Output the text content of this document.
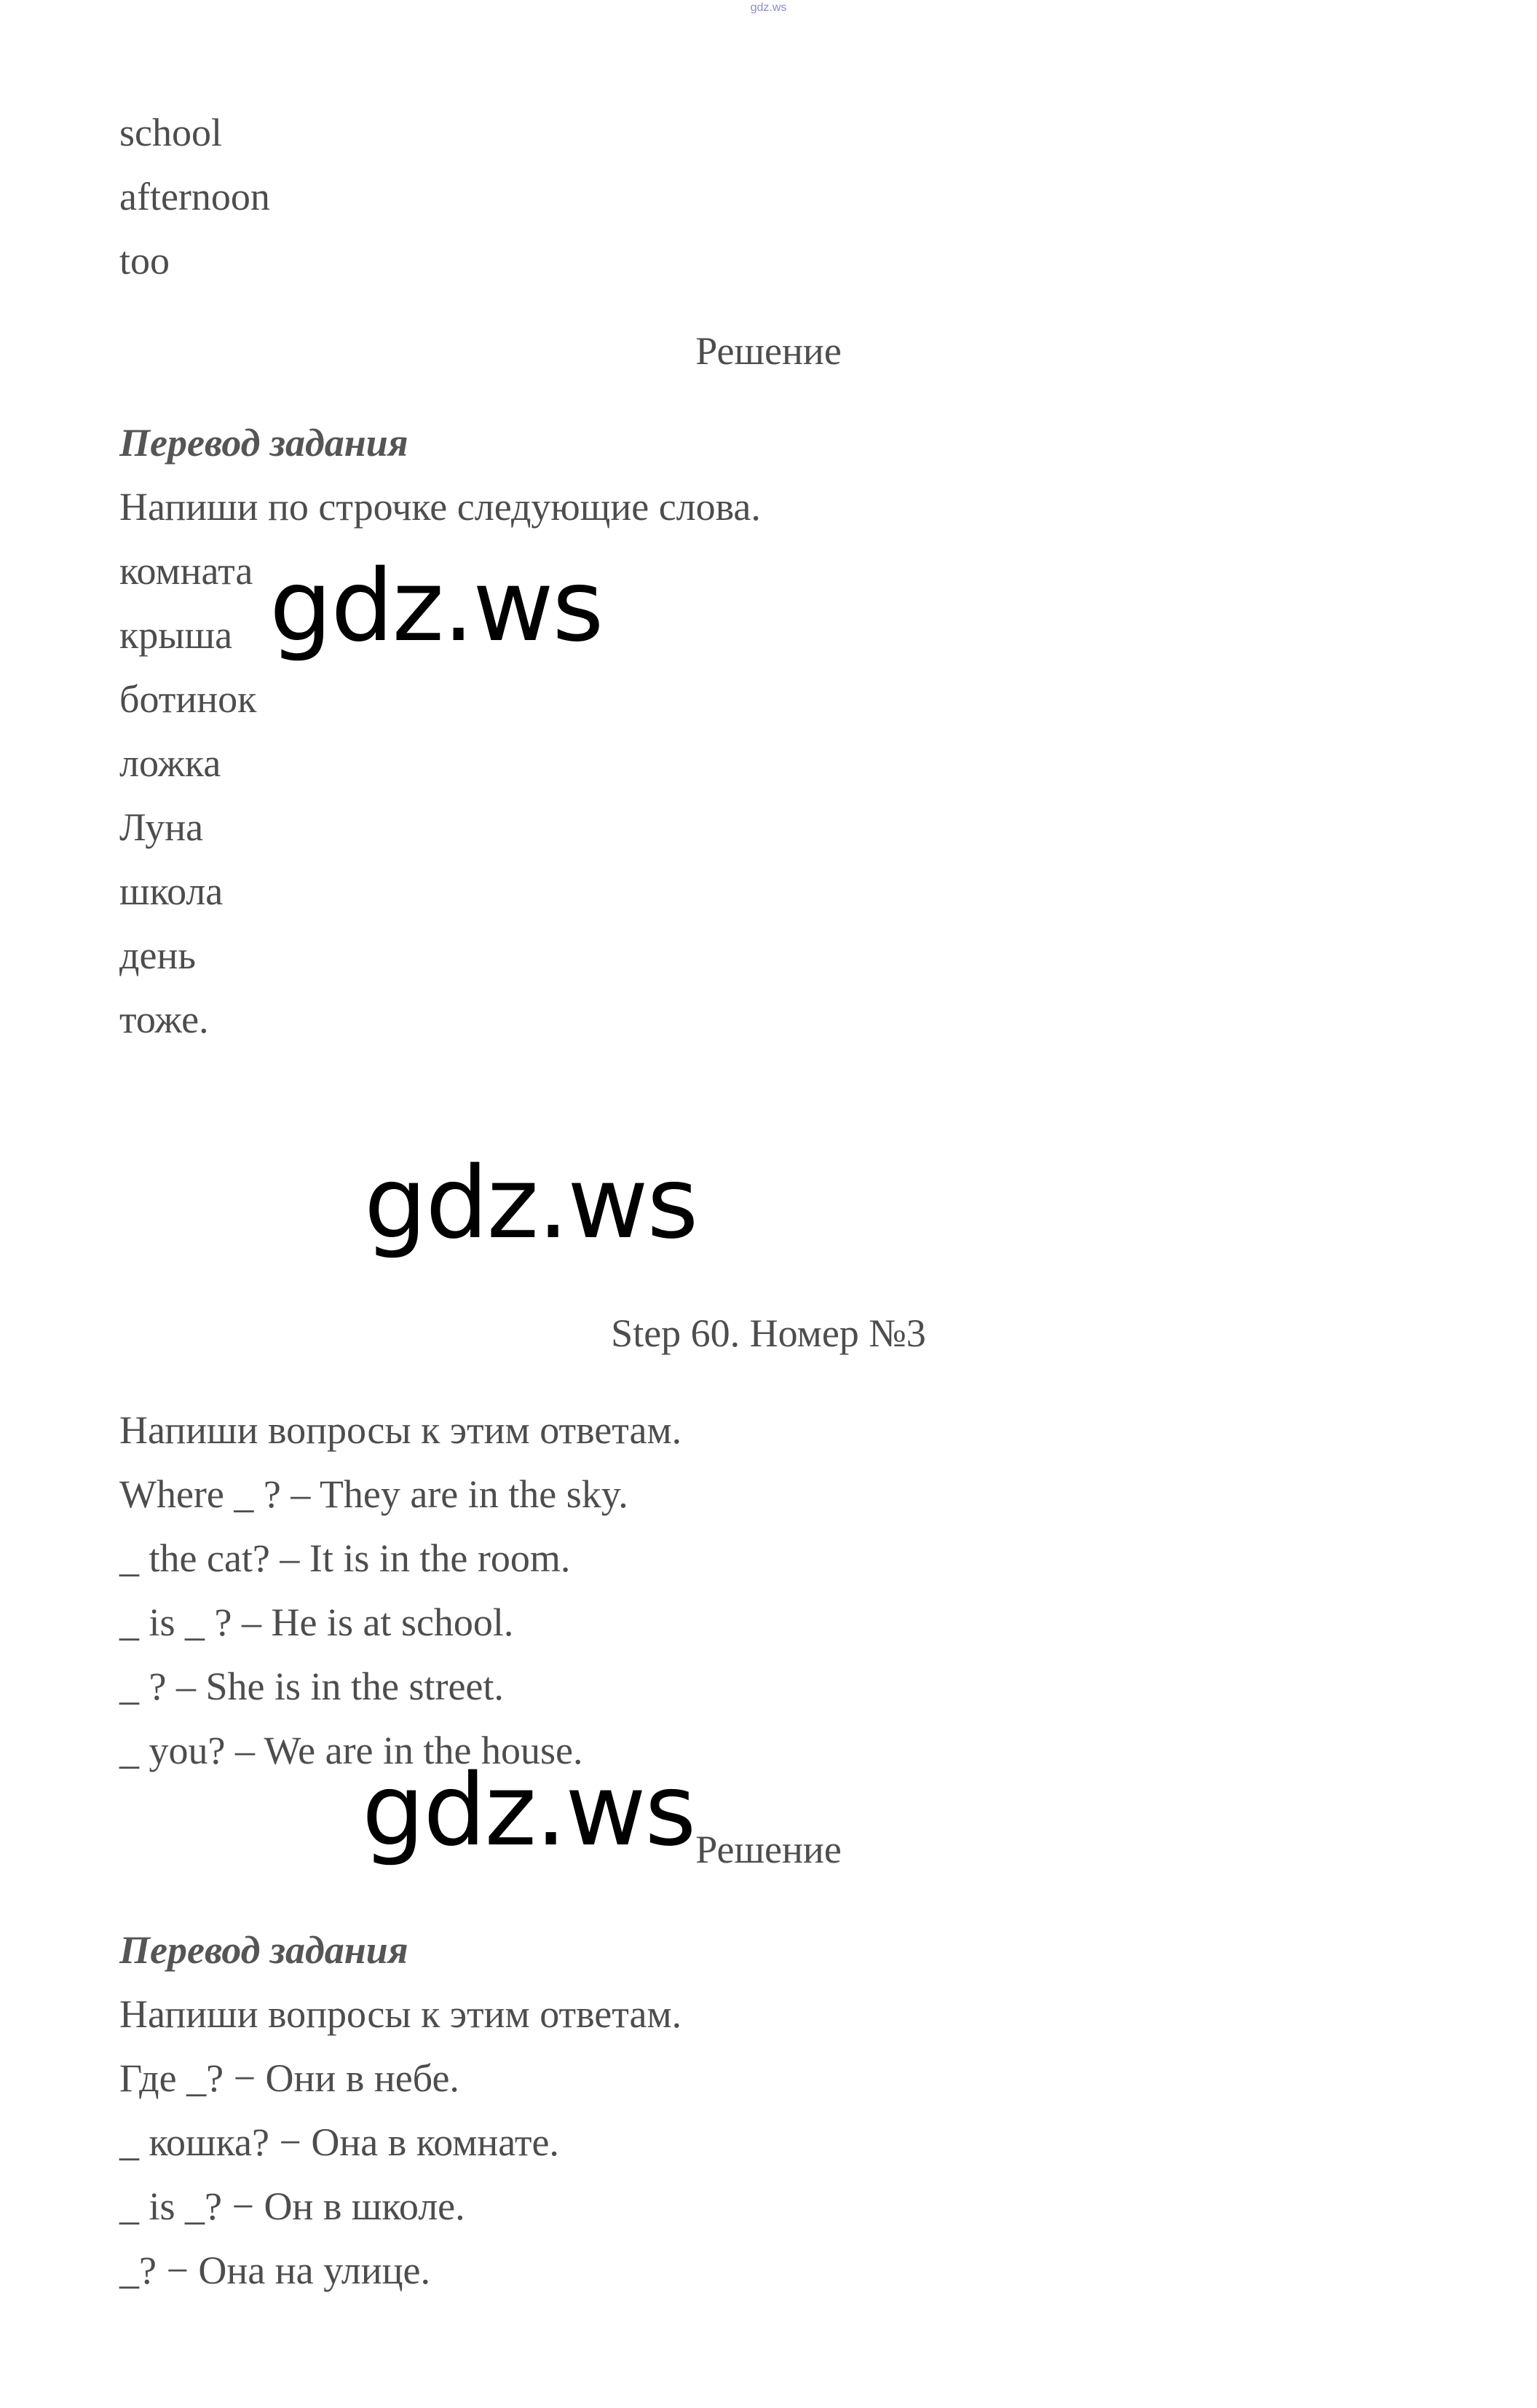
gdz.ws
school
afternoon
too
Решение
Перевод задания
Напиши по строчке следующие слова.
комната
крыша
ботинок
ложка
Луна
школа
день
тоже.
Step 60. Номер №3
Напиши вопросы к этим ответам.
Where _ ? – They are in the sky.
_ the cat? – It is in the room.
_ is _ ? – He is at school.
_ ? – She is in the street.
_ you? – We are in the house.
Решение
Перевод задания
Напиши вопросы к этим ответам.
Где _? − Они в небе.
_ кошка? − Она в комнате.
_ is _? − Он в школе.
_? − Она на улице.
gdz.ws
gdz.ws
gdz.ws
